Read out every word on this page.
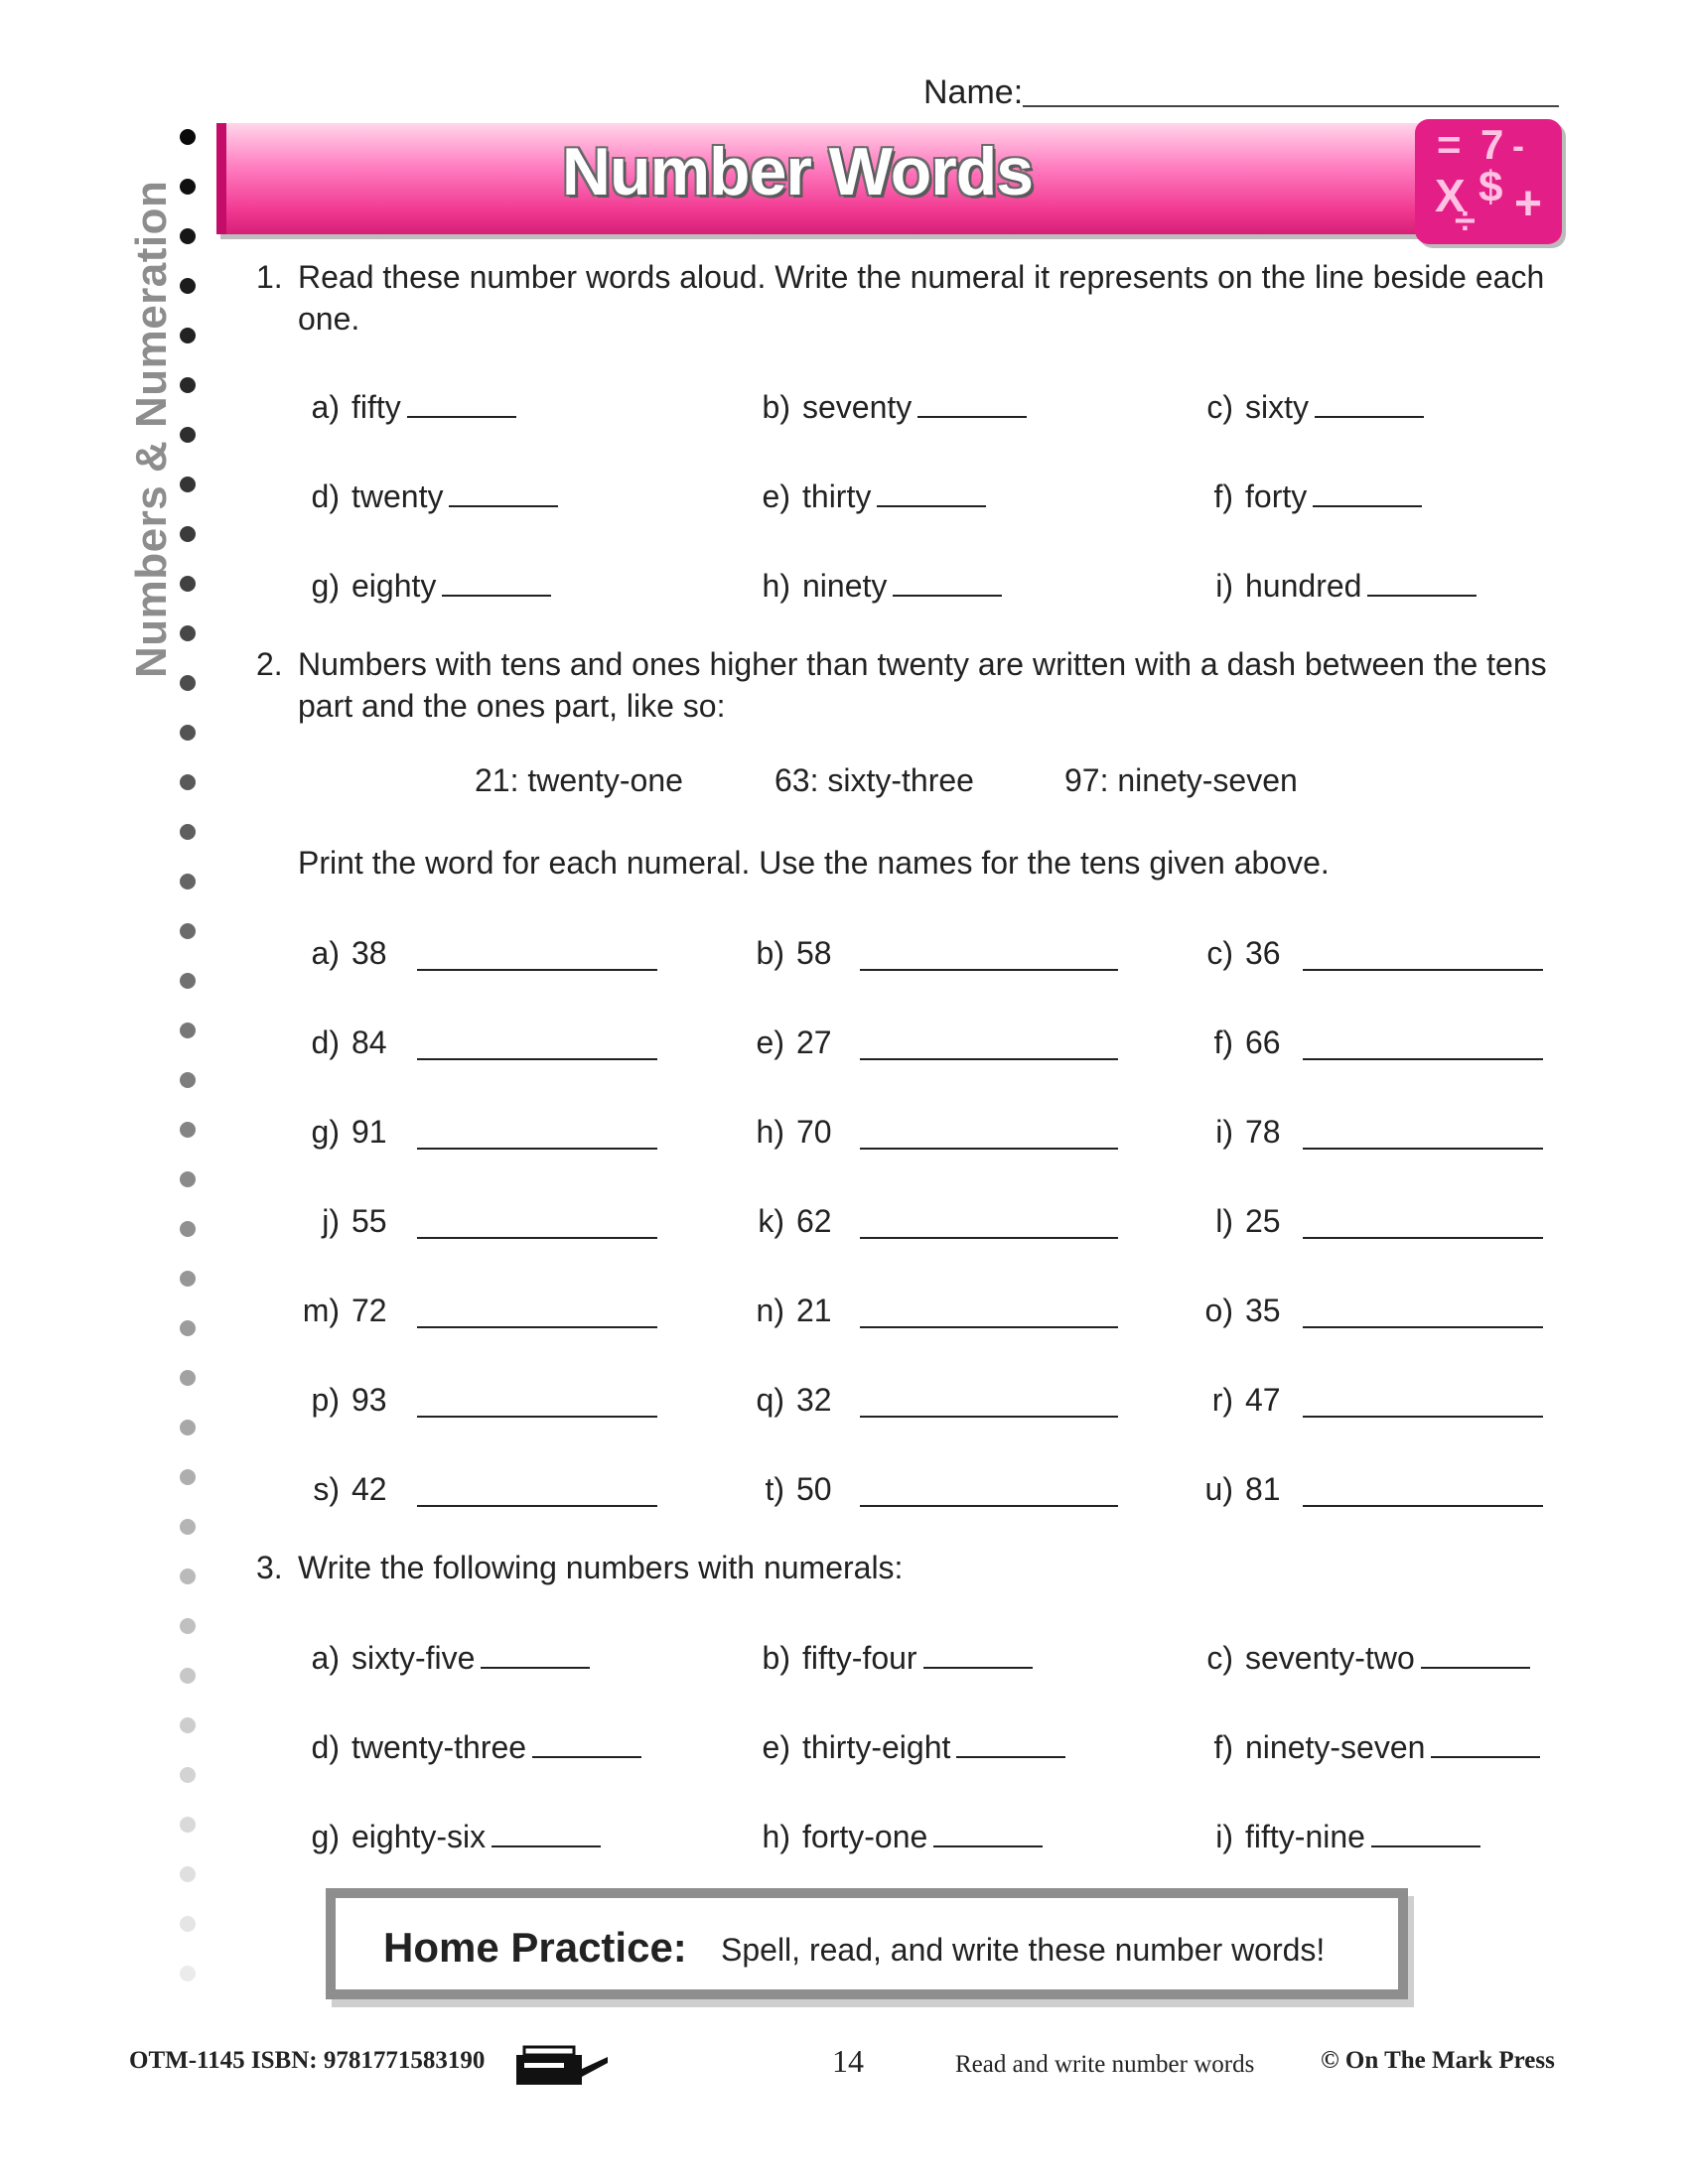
Name:
Numbers & Numeration
Number Words	= 7
$
X +
-
÷
1. Read these number words aloud. Write the numeral it represents on the line beside each one.
a) fifty	b) seventy	c) sixty
d) twenty	e) thirty	f) forty
g) eighty	h) ninety	i) hundred
2. Numbers with tens and ones higher than twenty are written with a dash between the tens part and the ones part, like so:
21: twenty-one	63: sixty-three	97: ninety-seven
Print the word for each numeral. Use the names for the tens given above.
a) 38	b) 58	c) 36
d) 84	e) 27	f) 66
g) 91	h) 70	i) 78
j) 55	k) 62	l) 25
m) 72	n) 21	o) 35
p) 93	q) 32	r) 47
s) 42	t) 50	u) 81
3. Write the following numbers with numerals:
a) sixty-five	b) fifty-four	c) seventy-two
d) twenty-three	e) thirty-eight	f) ninety-seven
g) eighty-six	h) forty-one	i) fifty-nine
Home Practice: Spell, read, and write these number words!
OTM-1145 ISBN: 9781771583190	14	Read and write number words	© On The Mark Press
